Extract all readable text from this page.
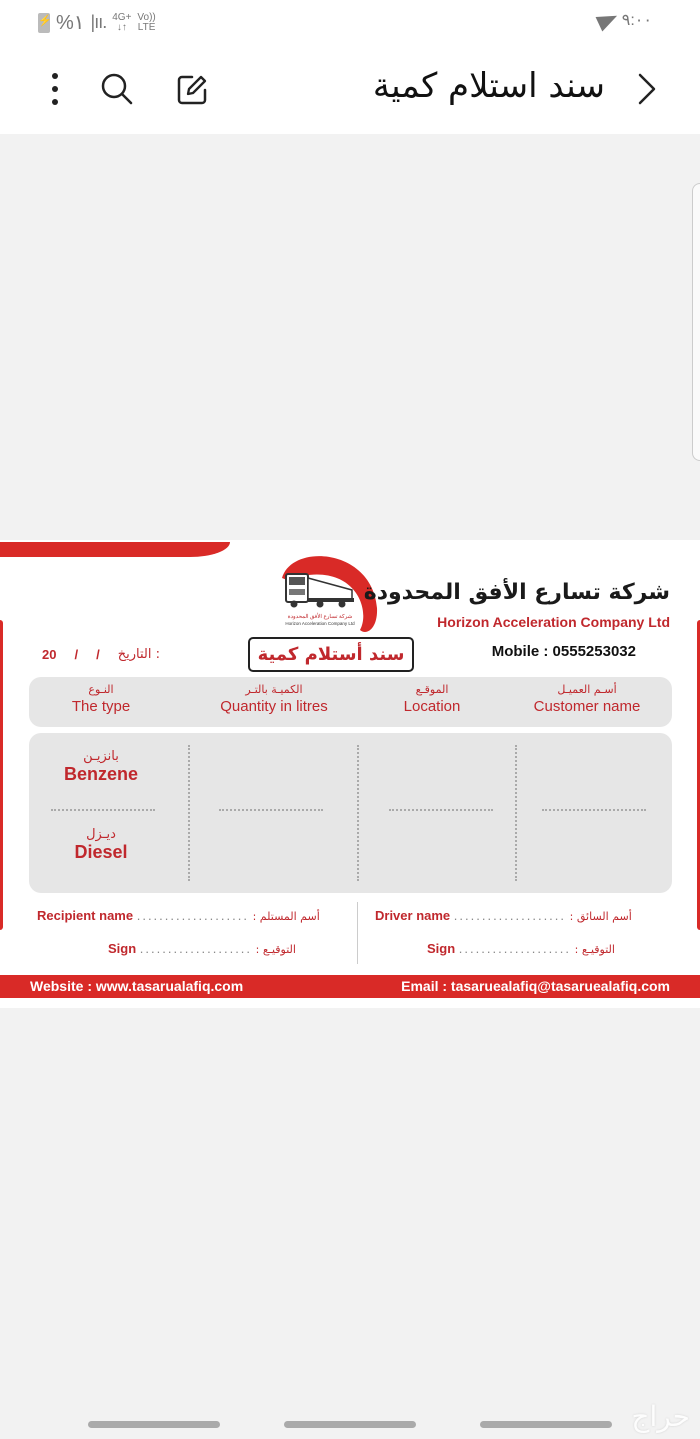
⚡
%١ |ıı. 4G+
↓↑
Vo))
LTE	٩:٠٠
سند استلام كمية
شركة تسارع الأفق المحدودة
Horizon Acceleration Company Ltd
شركة تسارع الأفق المحدودة
Horizon Acceleration Company Ltd
Mobile : 0555253032
سند أستلام كمية
20 / / التاريخ :
أسـم العميـل
Customer name
الموقـع
Location
الكميـة بالتـر
Quantity in litres
النـوع
The type
بانزيـن
Benzene
ديـزل
Diesel
Recipient name .................... : أسم المستلم
Sign .................... : التوقيـع
Driver name .................... : أسم السائق
Sign .................... : التوقيـع
Website : www.tasarualafiq.com	Email : tasaruealafiq@tasaruealafiq.com
حراج
